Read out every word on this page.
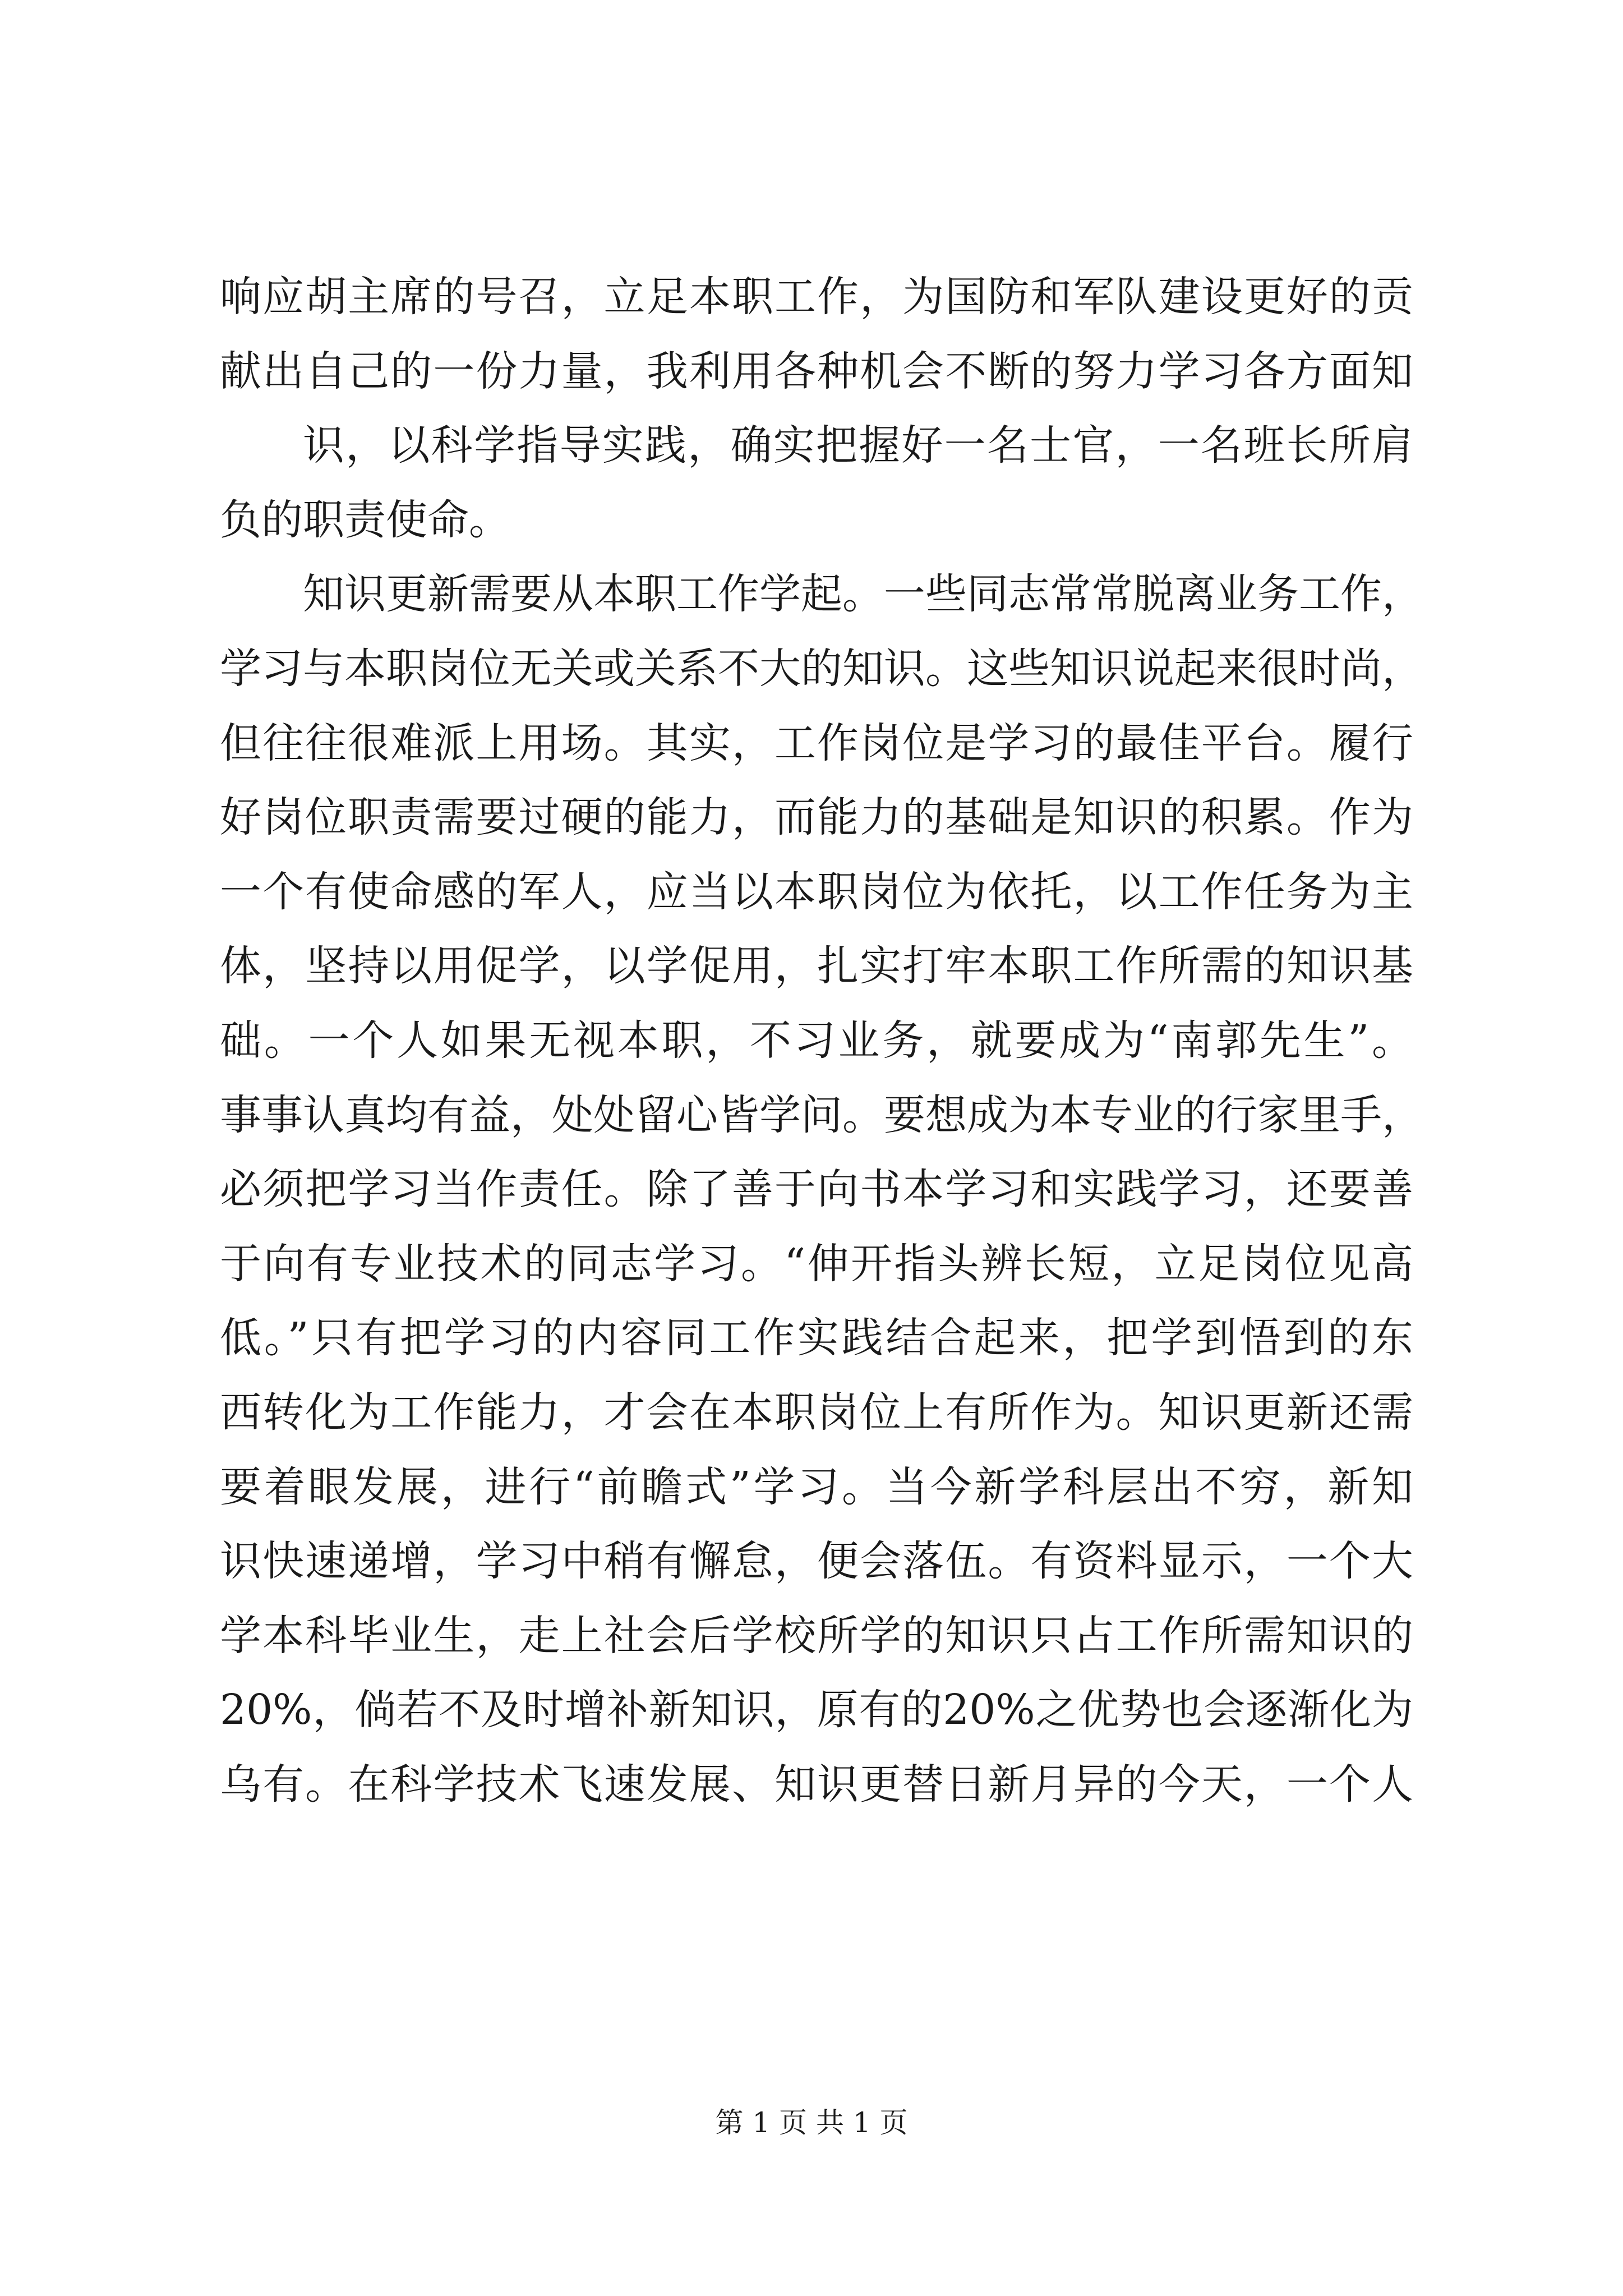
响应胡主席的号召，立足本职工作，为国防和军队建设更好的贡
献出自己的一份力量，我利用各种机会不断的努力学习各方面知
识，以科学指导实践，确实把握好一名士官，一名班长所肩
负的职责使命。
知识更新需要从本职工作学起。一些同志常常脱离业务工作，
学习与本职岗位无关或关系不大的知识。这些知识说起来很时尚，
但往往很难派上用场。其实，工作岗位是学习的最佳平台。履行
好岗位职责需要过硬的能力，而能力的基础是知识的积累。作为
一个有使命感的军人，应当以本职岗位为依托，以工作任务为主
体，坚持以用促学，以学促用，扎实打牢本职工作所需的知识基
础。一个人如果无视本职，不习业务，就要成为“南郭先生”。
事事认真均有益，处处留心皆学问。要想成为本专业的行家里手，
必须把学习当作责任。除了善于向书本学习和实践学习，还要善
于向有专业技术的同志学习。“伸开指头辨长短，立足岗位见高
低。”只有把学习的内容同工作实践结合起来，把学到悟到的东
西转化为工作能力，才会在本职岗位上有所作为。知识更新还需
要着眼发展，进行“前瞻式”学习。当今新学科层出不穷，新知
识快速递增，学习中稍有懈怠，便会落伍。有资料显示，一个大
学本科毕业生，走上社会后学校所学的知识只占工作所需知识的
20%，倘若不及时增补新知识，原有的20%之优势也会逐渐化为
乌有。在科学技术飞速发展、知识更替日新月异的今天，一个人
第 1 页 共 1 页
